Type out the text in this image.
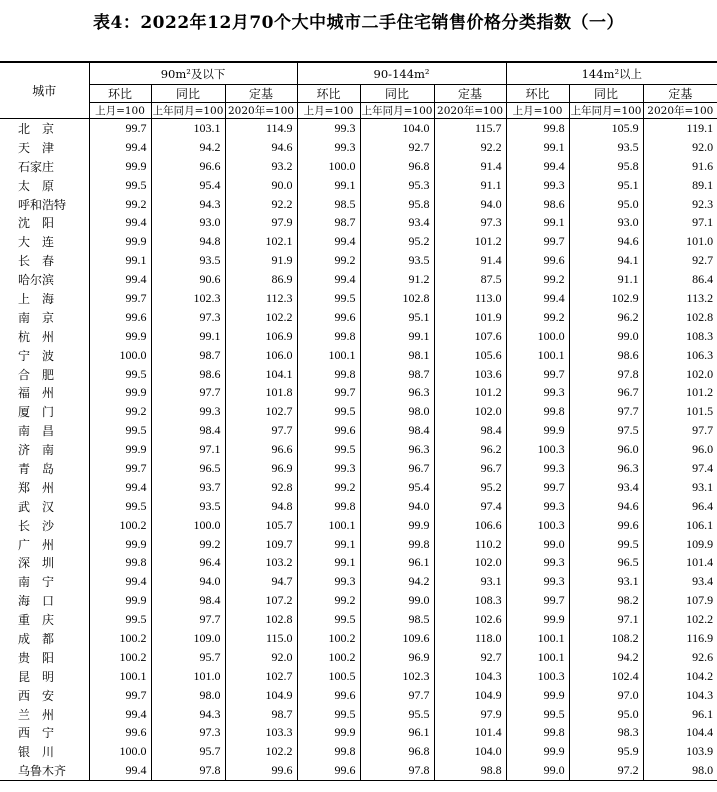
表4：2022年12月70个大中城市二手住宅销售价格分类指数（一）
城市	90m²及以下			90-144m²			144m²以上		
	环比	同比	定基	环比	同比	定基	环比	同比	定基
	上月=100	上年同月=100	2020年=100	上月=100	上年同月=100	2020年=100	上月=100	上年同月=100	2020年=100
北　京	99.7	103.1	114.9	99.3	104.0	115.7	99.8	105.9	119.1
天　津	99.4	94.2	94.6	99.3	92.7	92.2	99.1	93.5	92.0
石家庄	99.9	96.6	93.2	100.0	96.8	91.4	99.4	95.8	91.6
太　原	99.5	95.4	90.0	99.1	95.3	91.1	99.3	95.1	89.1
呼和浩特	99.2	94.3	92.2	98.5	95.8	94.0	98.6	95.0	92.3
沈　阳	99.4	93.0	97.9	98.7	93.4	97.3	99.1	93.0	97.1
大　连	99.9	94.8	102.1	99.4	95.2	101.2	99.7	94.6	101.0
长　春	99.1	93.5	91.9	99.2	93.5	91.4	99.6	94.1	92.7
哈尔滨	99.4	90.6	86.9	99.4	91.2	87.5	99.2	91.1	86.4
上　海	99.7	102.3	112.3	99.5	102.8	113.0	99.4	102.9	113.2
南　京	99.6	97.3	102.2	99.6	95.1	101.9	99.2	96.2	102.8
杭　州	99.9	99.1	106.9	99.8	99.1	107.6	100.0	99.0	108.3
宁　波	100.0	98.7	106.0	100.1	98.1	105.6	100.1	98.6	106.3
合　肥	99.5	98.6	104.1	99.8	98.7	103.6	99.7	97.8	102.0
福　州	99.9	97.7	101.8	99.7	96.3	101.2	99.3	96.7	101.2
厦　门	99.2	99.3	102.7	99.5	98.0	102.0	99.8	97.7	101.5
南　昌	99.5	98.4	97.7	99.6	98.4	98.4	99.9	97.5	97.7
济　南	99.9	97.1	96.6	99.5	96.3	96.2	100.3	96.0	96.0
青　岛	99.7	96.5	96.9	99.3	96.7	96.7	99.3	96.3	97.4
郑　州	99.4	93.7	92.8	99.2	95.4	95.2	99.7	93.4	93.1
武　汉	99.5	93.5	94.8	99.8	94.0	97.4	99.3	94.6	96.4
长　沙	100.2	100.0	105.7	100.1	99.9	106.6	100.3	99.6	106.1
广　州	99.9	99.2	109.7	99.1	99.8	110.2	99.0	99.5	109.9
深　圳	99.8	96.4	103.2	99.1	96.1	102.0	99.3	96.5	101.4
南　宁	99.4	94.0	94.7	99.3	94.2	93.1	99.3	93.1	93.4
海　口	99.9	98.4	107.2	99.2	99.0	108.3	99.7	98.2	107.9
重　庆	99.5	97.7	102.8	99.5	98.5	102.6	99.9	97.1	102.2
成　都	100.2	109.0	115.0	100.2	109.6	118.0	100.1	108.2	116.9
贵　阳	100.2	95.7	92.0	100.2	96.9	92.7	100.1	94.2	92.6
昆　明	100.1	101.0	102.7	100.5	102.3	104.3	100.3	102.4	104.2
西　安	99.7	98.0	104.9	99.6	97.7	104.9	99.9	97.0	104.3
兰　州	99.4	94.3	98.7	99.5	95.5	97.9	99.5	95.0	96.1
西　宁	99.6	97.3	103.3	99.9	96.1	101.4	99.8	98.3	104.4
银　川	100.0	95.7	102.2	99.8	96.8	104.0	99.9	95.9	103.9
乌鲁木齐	99.4	97.8	99.6	99.6	97.8	98.8	99.0	97.2	98.0
